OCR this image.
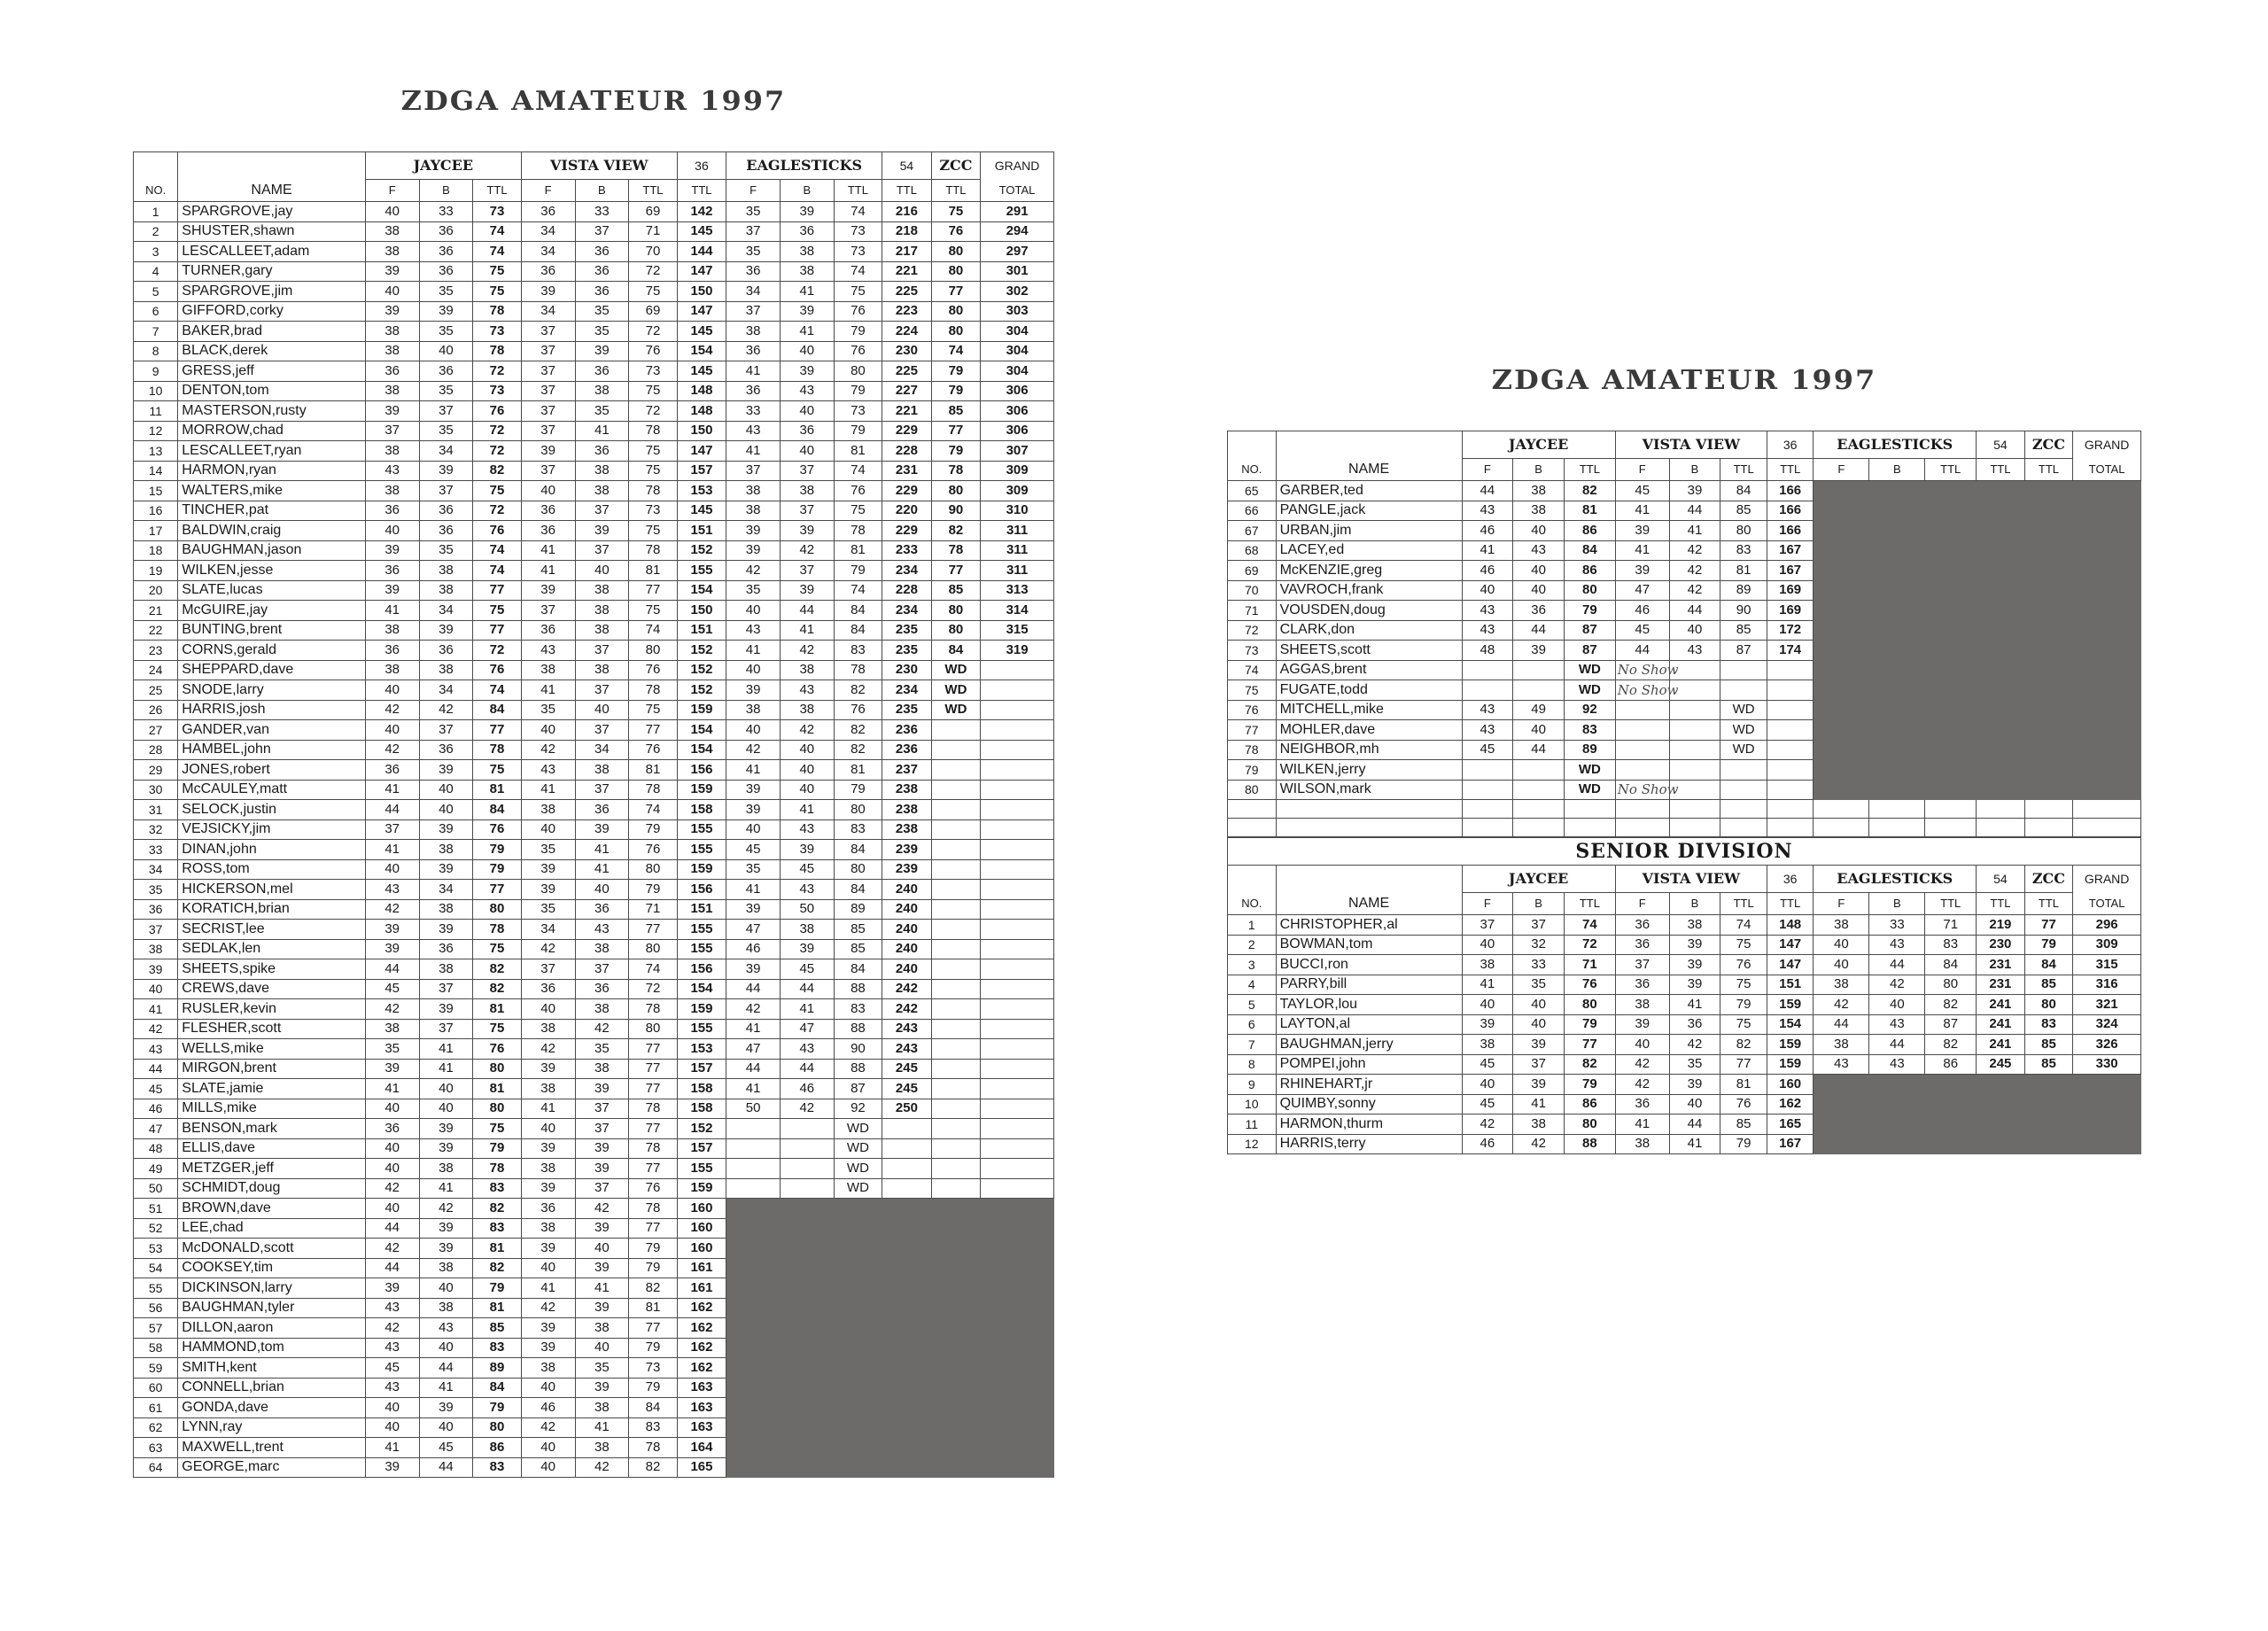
ZDGA AMATEUR 1997
		JAYCEE			VISTA VIEW			36	EAGLESTICKS			54	ZCC	GRAND
NO.	NAME	F	B	TTL	F	B	TTL	TTL	F	B	TTL	TTL	TTL	TOTAL
1	SPARGROVE,jay	40	33	73	36	33	69	142	35	39	74	216	75	291
2	SHUSTER,shawn	38	36	74	34	37	71	145	37	36	73	218	76	294
3	LESCALLEET,adam	38	36	74	34	36	70	144	35	38	73	217	80	297
4	TURNER,gary	39	36	75	36	36	72	147	36	38	74	221	80	301
5	SPARGROVE,jim	40	35	75	39	36	75	150	34	41	75	225	77	302
6	GIFFORD,corky	39	39	78	34	35	69	147	37	39	76	223	80	303
7	BAKER,brad	38	35	73	37	35	72	145	38	41	79	224	80	304
8	BLACK,derek	38	40	78	37	39	76	154	36	40	76	230	74	304
9	GRESS,jeff	36	36	72	37	36	73	145	41	39	80	225	79	304
10	DENTON,tom	38	35	73	37	38	75	148	36	43	79	227	79	306
11	MASTERSON,rusty	39	37	76	37	35	72	148	33	40	73	221	85	306
12	MORROW,chad	37	35	72	37	41	78	150	43	36	79	229	77	306
13	LESCALLEET,ryan	38	34	72	39	36	75	147	41	40	81	228	79	307
14	HARMON,ryan	43	39	82	37	38	75	157	37	37	74	231	78	309
15	WALTERS,mike	38	37	75	40	38	78	153	38	38	76	229	80	309
16	TINCHER,pat	36	36	72	36	37	73	145	38	37	75	220	90	310
17	BALDWIN,craig	40	36	76	36	39	75	151	39	39	78	229	82	311
18	BAUGHMAN,jason	39	35	74	41	37	78	152	39	42	81	233	78	311
19	WILKEN,jesse	36	38	74	41	40	81	155	42	37	79	234	77	311
20	SLATE,lucas	39	38	77	39	38	77	154	35	39	74	228	85	313
21	McGUIRE,jay	41	34	75	37	38	75	150	40	44	84	234	80	314
22	BUNTING,brent	38	39	77	36	38	74	151	43	41	84	235	80	315
23	CORNS,gerald	36	36	72	43	37	80	152	41	42	83	235	84	319
24	SHEPPARD,dave	38	38	76	38	38	76	152	40	38	78	230	WD	
25	SNODE,larry	40	34	74	41	37	78	152	39	43	82	234	WD	
26	HARRIS,josh	42	42	84	35	40	75	159	38	38	76	235	WD	
27	GANDER,van	40	37	77	40	37	77	154	40	42	82	236		
28	HAMBEL,john	42	36	78	42	34	76	154	42	40	82	236		
29	JONES,robert	36	39	75	43	38	81	156	41	40	81	237		
30	McCAULEY,matt	41	40	81	41	37	78	159	39	40	79	238		
31	SELOCK,justin	44	40	84	38	36	74	158	39	41	80	238		
32	VEJSICKY,jim	37	39	76	40	39	79	155	40	43	83	238		
33	DINAN,john	41	38	79	35	41	76	155	45	39	84	239		
34	ROSS,tom	40	39	79	39	41	80	159	35	45	80	239		
35	HICKERSON,mel	43	34	77	39	40	79	156	41	43	84	240		
36	KORATICH,brian	42	38	80	35	36	71	151	39	50	89	240		
37	SECRIST,lee	39	39	78	34	43	77	155	47	38	85	240		
38	SEDLAK,len	39	36	75	42	38	80	155	46	39	85	240		
39	SHEETS,spike	44	38	82	37	37	74	156	39	45	84	240		
40	CREWS,dave	45	37	82	36	36	72	154	44	44	88	242		
41	RUSLER,kevin	42	39	81	40	38	78	159	42	41	83	242		
42	FLESHER,scott	38	37	75	38	42	80	155	41	47	88	243		
43	WELLS,mike	35	41	76	42	35	77	153	47	43	90	243		
44	MIRGON,brent	39	41	80	39	38	77	157	44	44	88	245		
45	SLATE,jamie	41	40	81	38	39	77	158	41	46	87	245		
46	MILLS,mike	40	40	80	41	37	78	158	50	42	92	250		
47	BENSON,mark	36	39	75	40	37	77	152			WD			
48	ELLIS,dave	40	39	79	39	39	78	157			WD			
49	METZGER,jeff	40	38	78	38	39	77	155			WD			
50	SCHMIDT,doug	42	41	83	39	37	76	159			WD			
51	BROWN,dave	40	42	82	36	42	78	160						
52	LEE,chad	44	39	83	38	39	77	160						
53	McDONALD,scott	42	39	81	39	40	79	160						
54	COOKSEY,tim	44	38	82	40	39	79	161						
55	DICKINSON,larry	39	40	79	41	41	82	161						
56	BAUGHMAN,tyler	43	38	81	42	39	81	162						
57	DILLON,aaron	42	43	85	39	38	77	162						
58	HAMMOND,tom	43	40	83	39	40	79	162						
59	SMITH,kent	45	44	89	38	35	73	162						
60	CONNELL,brian	43	41	84	40	39	79	163						
61	GONDA,dave	40	39	79	46	38	84	163						
62	LYNN,ray	40	40	80	42	41	83	163						
63	MAXWELL,trent	41	45	86	40	38	78	164						
64	GEORGE,marc	39	44	83	40	42	82	165						
ZDGA AMATEUR 1997
		JAYCEE			VISTA VIEW			36	EAGLESTICKS			54	ZCC	GRAND
NO.	NAME	F	B	TTL	F	B	TTL	TTL	F	B	TTL	TTL	TTL	TOTAL
65	GARBER,ted	44	38	82	45	39	84	166						
66	PANGLE,jack	43	38	81	41	44	85	166						
67	URBAN,jim	46	40	86	39	41	80	166						
68	LACEY,ed	41	43	84	41	42	83	167						
69	McKENZIE,greg	46	40	86	39	42	81	167						
70	VAVROCH,frank	40	40	80	47	42	89	169						
71	VOUSDEN,doug	43	36	79	46	44	90	169						
72	CLARK,don	43	44	87	45	40	85	172						
73	SHEETS,scott	48	39	87	44	43	87	174						
74	AGGAS,brent			WD	No Show									
75	FUGATE,todd			WD	No Show									
76	MITCHELL,mike	43	49	92			WD							
77	MOHLER,dave	43	40	83			WD							
78	NEIGHBOR,mh	45	44	89			WD							
79	WILKEN,jerry			WD										
80	WILSON,mark			WD	No Show									

SENIOR DIVISION
		JAYCEE			VISTA VIEW			36	EAGLESTICKS			54	ZCC	GRAND
NO.	NAME	F	B	TTL	F	B	TTL	TTL	F	B	TTL	TTL	TTL	TOTAL
1	CHRISTOPHER,al	37	37	74	36	38	74	148	38	33	71	219	77	296
2	BOWMAN,tom	40	32	72	36	39	75	147	40	43	83	230	79	309
3	BUCCI,ron	38	33	71	37	39	76	147	40	44	84	231	84	315
4	PARRY,bill	41	35	76	36	39	75	151	38	42	80	231	85	316
5	TAYLOR,lou	40	40	80	38	41	79	159	42	40	82	241	80	321
6	LAYTON,al	39	40	79	39	36	75	154	44	43	87	241	83	324
7	BAUGHMAN,jerry	38	39	77	40	42	82	159	38	44	82	241	85	326
8	POMPEI,john	45	37	82	42	35	77	159	43	43	86	245	85	330
9	RHINEHART,jr	40	39	79	42	39	81	160						
10	QUIMBY,sonny	45	41	86	36	40	76	162						
11	HARMON,thurm	42	38	80	41	44	85	165						
12	HARRIS,terry	46	42	88	38	41	79	167						
